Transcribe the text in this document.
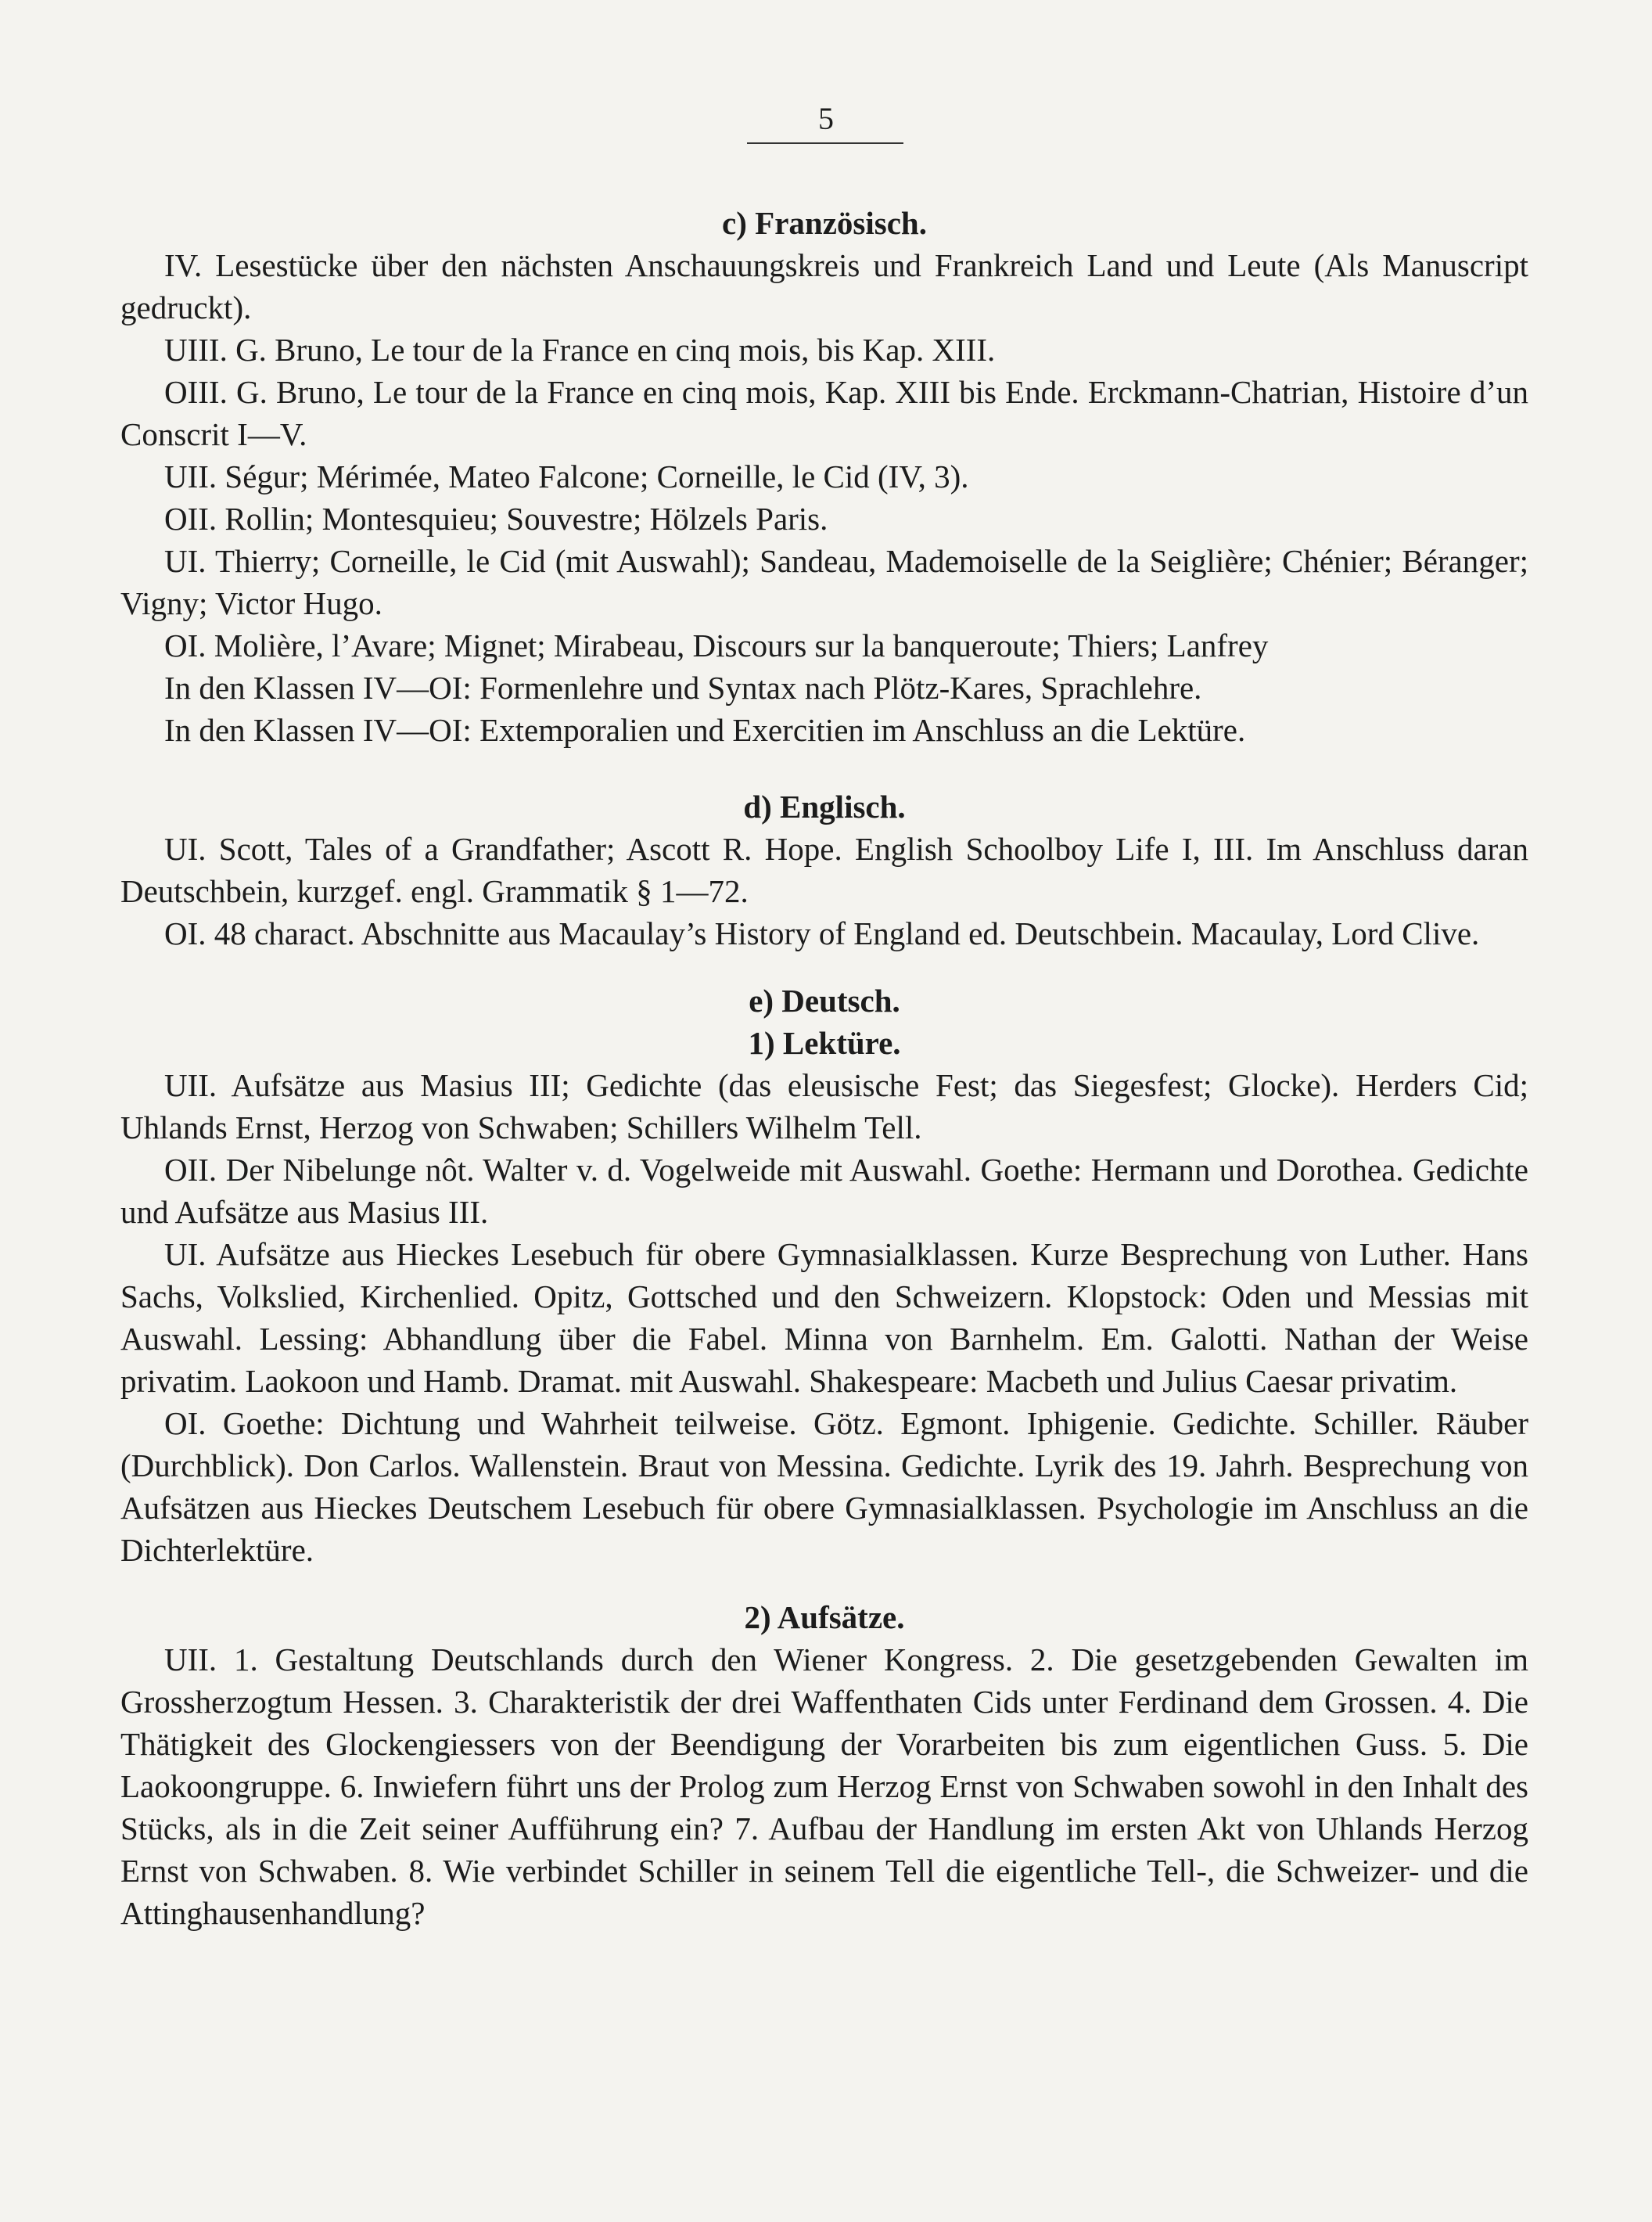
5

c) Französisch.

IV. Lesestücke über den nächsten Anschauungskreis und Frankreich Land und Leute (Als Manuscript gedruckt).

UIII. G. Bruno, Le tour de la France en cinq mois, bis Kap. XIII.

OIII. G. Bruno, Le tour de la France en cinq mois, Kap. XIII bis Ende. Erckmann-Chatrian, Histoire d’un Conscrit I—V.

UII. Ségur; Mérimée, Mateo Falcone; Corneille, le Cid (IV, 3).

OII. Rollin; Montesquieu; Souvestre; Hölzels Paris.

UI. Thierry; Corneille, le Cid (mit Auswahl); Sandeau, Mademoiselle de la Seiglière; Chénier; Béranger; Vigny; Victor Hugo.

OI. Molière, l’Avare; Mignet; Mirabeau, Discours sur la banqueroute; Thiers; Lanfrey

In den Klassen IV—OI: Formenlehre und Syntax nach Plötz-Kares, Sprachlehre.

In den Klassen IV—OI: Extemporalien und Exercitien im Anschluss an die Lektüre.

d) Englisch.

UI. Scott, Tales of a Grandfather; Ascott R. Hope. English Schoolboy Life I, III. Im Anschluss daran Deutschbein, kurzgef. engl. Grammatik § 1—72.

OI. 48 charact. Abschnitte aus Macaulay’s History of England ed. Deutschbein. Macaulay, Lord Clive.

e) Deutsch.

1) Lektüre.

UII. Aufsätze aus Masius III; Gedichte (das eleusische Fest; das Siegesfest; Glocke). Herders Cid; Uhlands Ernst, Herzog von Schwaben; Schillers Wilhelm Tell.

OII. Der Nibelunge nôt. Walter v. d. Vogelweide mit Auswahl. Goethe: Hermann und Dorothea. Gedichte und Aufsätze aus Masius III.

UI. Aufsätze aus Hieckes Lesebuch für obere Gymnasialklassen. Kurze Besprechung von Luther. Hans Sachs, Volkslied, Kirchenlied. Opitz, Gottsched und den Schweizern. Klopstock: Oden und Messias mit Auswahl. Lessing: Abhandlung über die Fabel. Minna von Barnhelm. Em. Galotti. Nathan der Weise privatim. Laokoon und Hamb. Dramat. mit Auswahl. Shakespeare: Macbeth und Julius Caesar privatim.

OI. Goethe: Dichtung und Wahrheit teilweise. Götz. Egmont. Iphigenie. Gedichte. Schiller. Räuber (Durchblick). Don Carlos. Wallenstein. Braut von Messina. Gedichte. Lyrik des 19. Jahrh. Besprechung von Aufsätzen aus Hieckes Deutschem Lesebuch für obere Gymnasialklassen. Psychologie im Anschluss an die Dichterlektüre.

2) Aufsätze.

UII. 1. Gestaltung Deutschlands durch den Wiener Kongress. 2. Die gesetzgebenden Gewalten im Grossherzogtum Hessen. 3. Charakteristik der drei Waffenthaten Cids unter Ferdinand dem Grossen. 4. Die Thätigkeit des Glockengiessers von der Beendigung der Vorarbeiten bis zum eigentlichen Guss. 5. Die Laokoongruppe. 6. Inwiefern führt uns der Prolog zum Herzog Ernst von Schwaben sowohl in den Inhalt des Stücks, als in die Zeit seiner Aufführung ein? 7. Aufbau der Handlung im ersten Akt von Uhlands Herzog Ernst von Schwaben. 8. Wie verbindet Schiller in seinem Tell die eigentliche Tell-, die Schweizer- und die Attinghausenhandlung?
